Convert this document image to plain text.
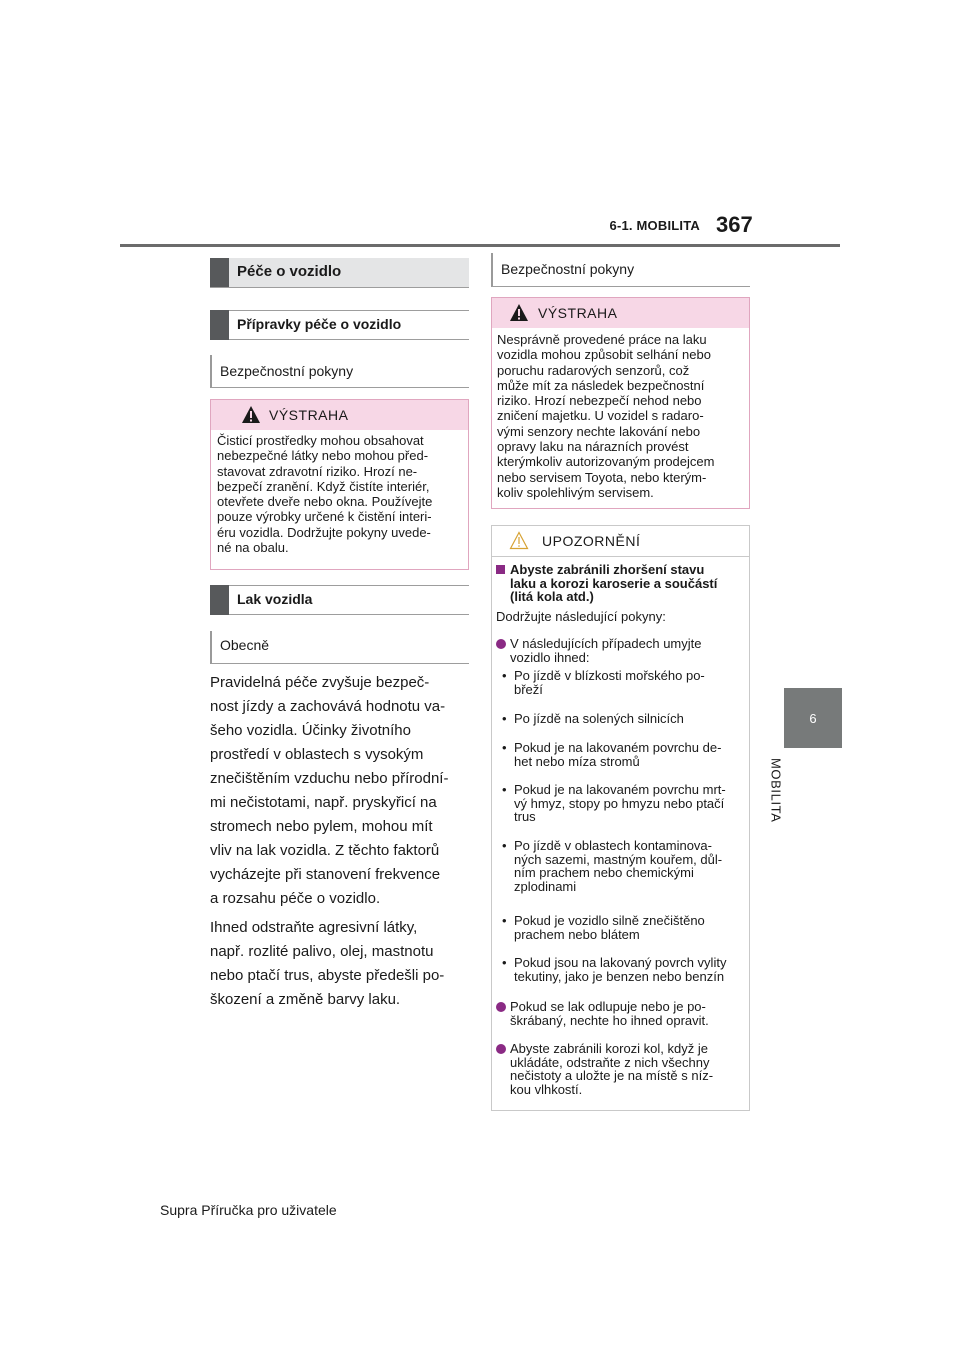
6-1. MOBILITA 367
6
MOBILITA
Péče o vozidlo
Přípravky péče o vozidlo
Bezpečnostní pokyny
VÝSTRAHA
Čisticí prostředky mohou obsahovat
nebezpečné látky nebo mohou před-
stavovat zdravotní riziko. Hrozí ne-
bezpečí zranění. Když čistíte interiér,
otevřete dveře nebo okna. Používejte
pouze výrobky určené k čistění interi-
éru vozidla. Dodržujte pokyny uvede-
né na obalu.
Lak vozidla
Obecně

Pravidelná péče zvyšuje bezpeč-
nost jízdy a zachovává hodnotu va-
šeho vozidla. Účinky životního
prostředí v oblastech s vysokým
znečištěním vzduchu nebo přírodní-
mi nečistotami, např. pryskyřicí na
stromech nebo pylem, mohou mít
vliv na lak vozidla. Z těchto faktorů
vycházejte při stanovení frekvence
a rozsahu péče o vozidlo.

Ihned odstraňte agresivní látky,
např. rozlité palivo, olej, mastnotu
nebo ptačí trus, abyste předešli po-
škození a změně barvy laku.

Bezpečnostní pokyny
VÝSTRAHA
Nesprávně provedené práce na laku
vozidla mohou způsobit selhání nebo
poruchu radarových senzorů, což
může mít za následek bezpečnostní
riziko. Hrozí nebezpečí nehod nebo
zničení majetku. U vozidel s radaro-
vými senzory nechte lakování nebo
opravy laku na nárazních provést
kterýmkoliv autorizovaným prodejcem
nebo servisem Toyota, nebo kterým-
koliv spolehlivým servisem.
UPOZORNĚNÍ
Abyste zabránili zhoršení stavu
laku a korozi karoserie a součástí
(litá kola atd.)
Dodržujte následující pokyny:
V následujících případech umyjte
vozidlo ihned:
• Po jízdě v blízkosti mořského po-
břeží
• Po jízdě na solených silnicích
• Pokud je na lakovaném povrchu de-
het nebo míza stromů
• Pokud je na lakovaném povrchu mrt-
vý hmyz, stopy po hmyzu nebo ptačí
trus
• Po jízdě v oblastech kontaminova-
ných sazemi, mastným kouřem, důl-
ním prachem nebo chemickými
zplodinami
• Pokud je vozidlo silně znečištěno
prachem nebo blátem
• Pokud jsou na lakovaný povrch vylity
tekutiny, jako je benzen nebo benzín
Pokud se lak odlupuje nebo je po-
škrábaný, nechte ho ihned opravit.
Abyste zabránili korozi kol, když je
ukládáte, odstraňte z nich všechny
nečistoty a uložte je na místě s níz-
kou vlhkostí.
Supra Příručka pro uživatele
